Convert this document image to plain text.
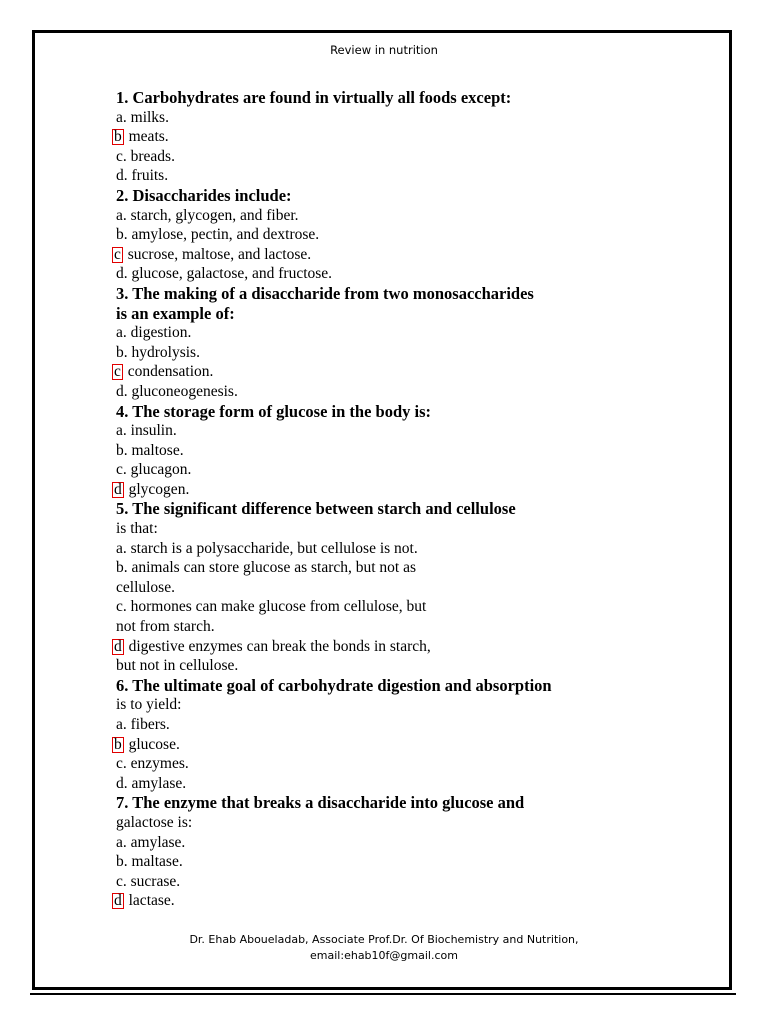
Review in nutrition
1. Carbohydrates are found in virtually all foods except:
a. milks.
b meats.
c. breads.
d. fruits.
2. Disaccharides include:
a. starch, glycogen, and fiber.
b. amylose, pectin, and dextrose.
c sucrose, maltose, and lactose.
d. glucose, galactose, and fructose.
3. The making of a disaccharide from two monosaccharides
is an example of:
a. digestion.
b. hydrolysis.
c condensation.
d. gluconeogenesis.
4. The storage form of glucose in the body is:
a. insulin.
b. maltose.
c. glucagon.
d glycogen.
5. The significant difference between starch and cellulose
is that:
a. starch is a polysaccharide, but cellulose is not.
b. animals can store glucose as starch, but not as
cellulose.
c. hormones can make glucose from cellulose, but
not from starch.
d digestive enzymes can break the bonds in starch,
but not in cellulose.
6. The ultimate goal of carbohydrate digestion and absorption
is to yield:
a. fibers.
b glucose.
c. enzymes.
d. amylase.
7. The enzyme that breaks a disaccharide into glucose and
galactose is:
a. amylase.
b. maltase.
c. sucrase.
d lactase.
Dr. Ehab Aboueladab, Associate Prof.Dr. Of Biochemistry and Nutrition,
email:ehab10f@gmail.com
